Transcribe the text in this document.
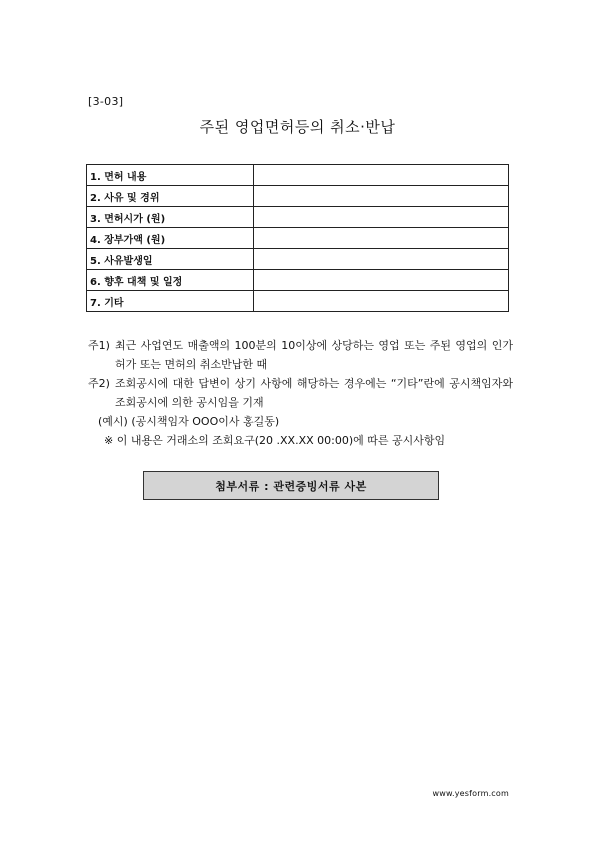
[3-03]
주된 영업면허등의 취소·반납
1. 면허 내용	
2. 사유 및 경위	
3. 면허시가 (원)	
4. 장부가액 (원)	
5. 사유발생일	
6. 향후 대책 및 일정	
7. 기타	
주1) 최근 사업연도 매출액의 100분의 10이상에 상당하는 영업 또는 주된 영업의 인가허가 또는 면허의 취소반납한 때
주2) 조회공시에 대한 답변이 상기 사항에 해당하는 경우에는 “기타”란에 공시책임자와 조회공시에 의한 공시임을 기재
(예시) (공시책임자 OOO이사 홍길동)
※ 이 내용은 거래소의 조회요구(20 .XX.XX 00:00)에 따른 공시사항임
첨부서류 : 관련증빙서류 사본
www.yesform.com
